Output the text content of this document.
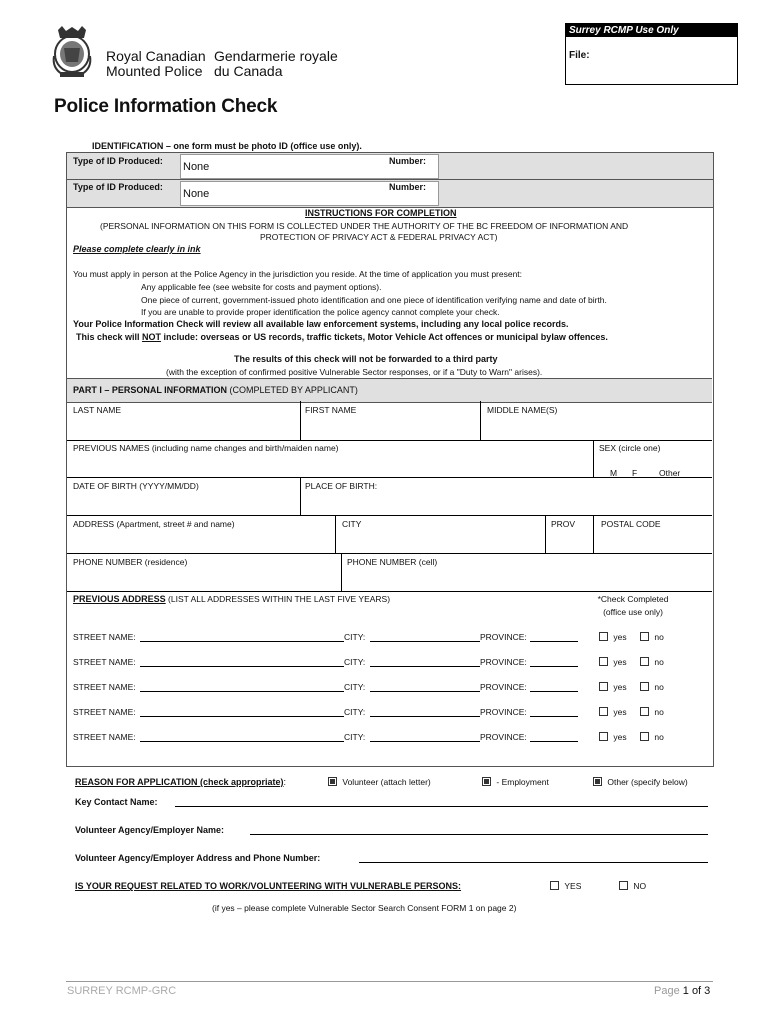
Royal Canadian
Mounted Police
Gendarmerie royale
du Canada
Surrey RCMP Use Only
File:
Police Information Check
IDENTIFICATION – one form must be photo ID (office use only).
Type of ID Produced: None	Number:
Type of ID Produced:
None
Number:
INSTRUCTIONS FOR COMPLETION
(PERSONAL INFORMATION ON THIS FORM IS COLLECTED UNDER THE AUTHORITY OF THE BC FREEDOM OF INFORMATION AND
PROTECTION OF PRIVACY ACT & FEDERAL PRIVACY ACT)
Please complete clearly in ink
You must apply in person at the Police Agency in the jurisdiction you reside. At the time of application you must present:
Any applicable fee (see website for costs and payment options).
One piece of current, government-issued photo identification and one piece of identification verifying name and date of birth.
If you are unable to provide proper identification the police agency cannot complete your check.
Your Police Information Check will review all available law enforcement systems, including any local police records.
This check will NOT include: overseas or US records, traffic tickets, Motor Vehicle Act offences or municipal bylaw offences.
The results of this check will not be forwarded to a third party
(with the exception of confirmed positive Vulnerable Sector responses, or if a "Duty to Warn" arises).
PART I – PERSONAL INFORMATION (COMPLETED BY APPLICANT)
LAST NAME	FIRST NAME	MIDDLE NAME(S)
PREVIOUS NAMES (including name changes and birth/maiden name)	SEX (circle one)
M F	Other
DATE OF BIRTH (YYYY/MM/DD)	PLACE OF BIRTH:
ADDRESS (Apartment, street # and name)	CITY	PROV	POSTAL CODE
PHONE NUMBER (residence)	PHONE NUMBER (cell)
PREVIOUS ADDRESS (LIST ALL ADDRESSES WITHIN THE LAST FIVE YEARS)	*Check Completed
(office use only)
STREET NAME:	CITY:	PROVINCE:	yes	no
STREET NAME:	CITY:	PROVINCE:	yes	no
STREET NAME:	CITY:	PROVINCE:	yes	no
STREET NAME:	CITY:	PROVINCE:	yes	no
STREET NAME:	CITY:	PROVINCE:	yes	no
REASON FOR APPLICATION (check appropriate):	Volunteer (attach letter)	- Employment	Other (specify below)
Key Contact Name:
Volunteer Agency/Employer Name:
Volunteer Agency/Employer Address and Phone Number:
IS YOUR REQUEST RELATED TO WORK/VOLUNTEERING WITH VULNERABLE PERSONS:	YES	NO
(if yes – please complete Vulnerable Sector Search Consent FORM 1 on page 2)
SURREY RCMP-GRC	Page 1 of 3
